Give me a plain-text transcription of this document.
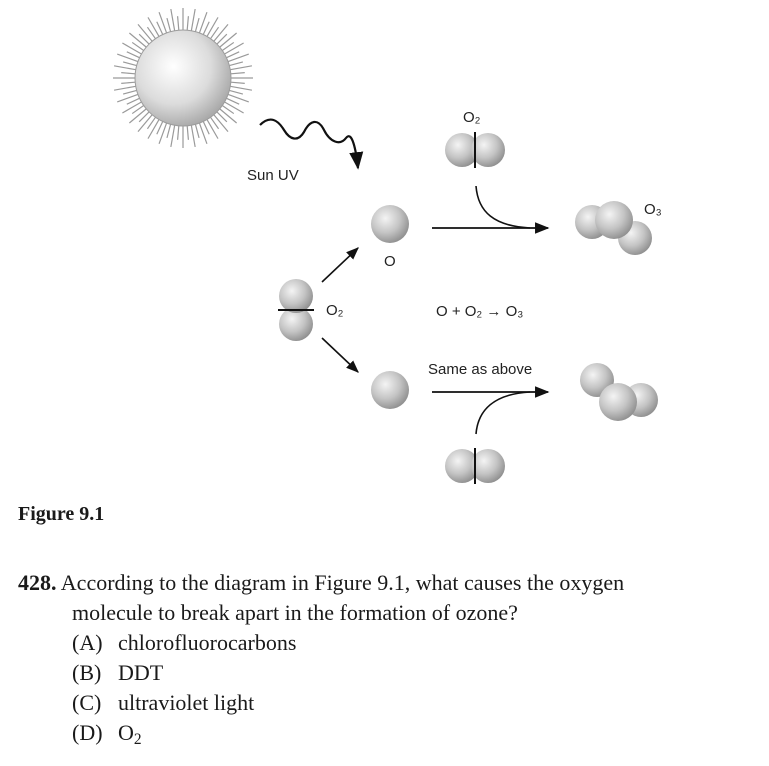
Sun UV
O₂
O
O₂
O₃
O + O₂ → O₃
Same as above
Figure 9.1
428. According to the diagram in Figure 9.1, what causes the oxygen
molecule to break apart in the formation of ozone?
(A) chlorofluorocarbons
(B) DDT
(C) ultraviolet light
(D) $O_2$
